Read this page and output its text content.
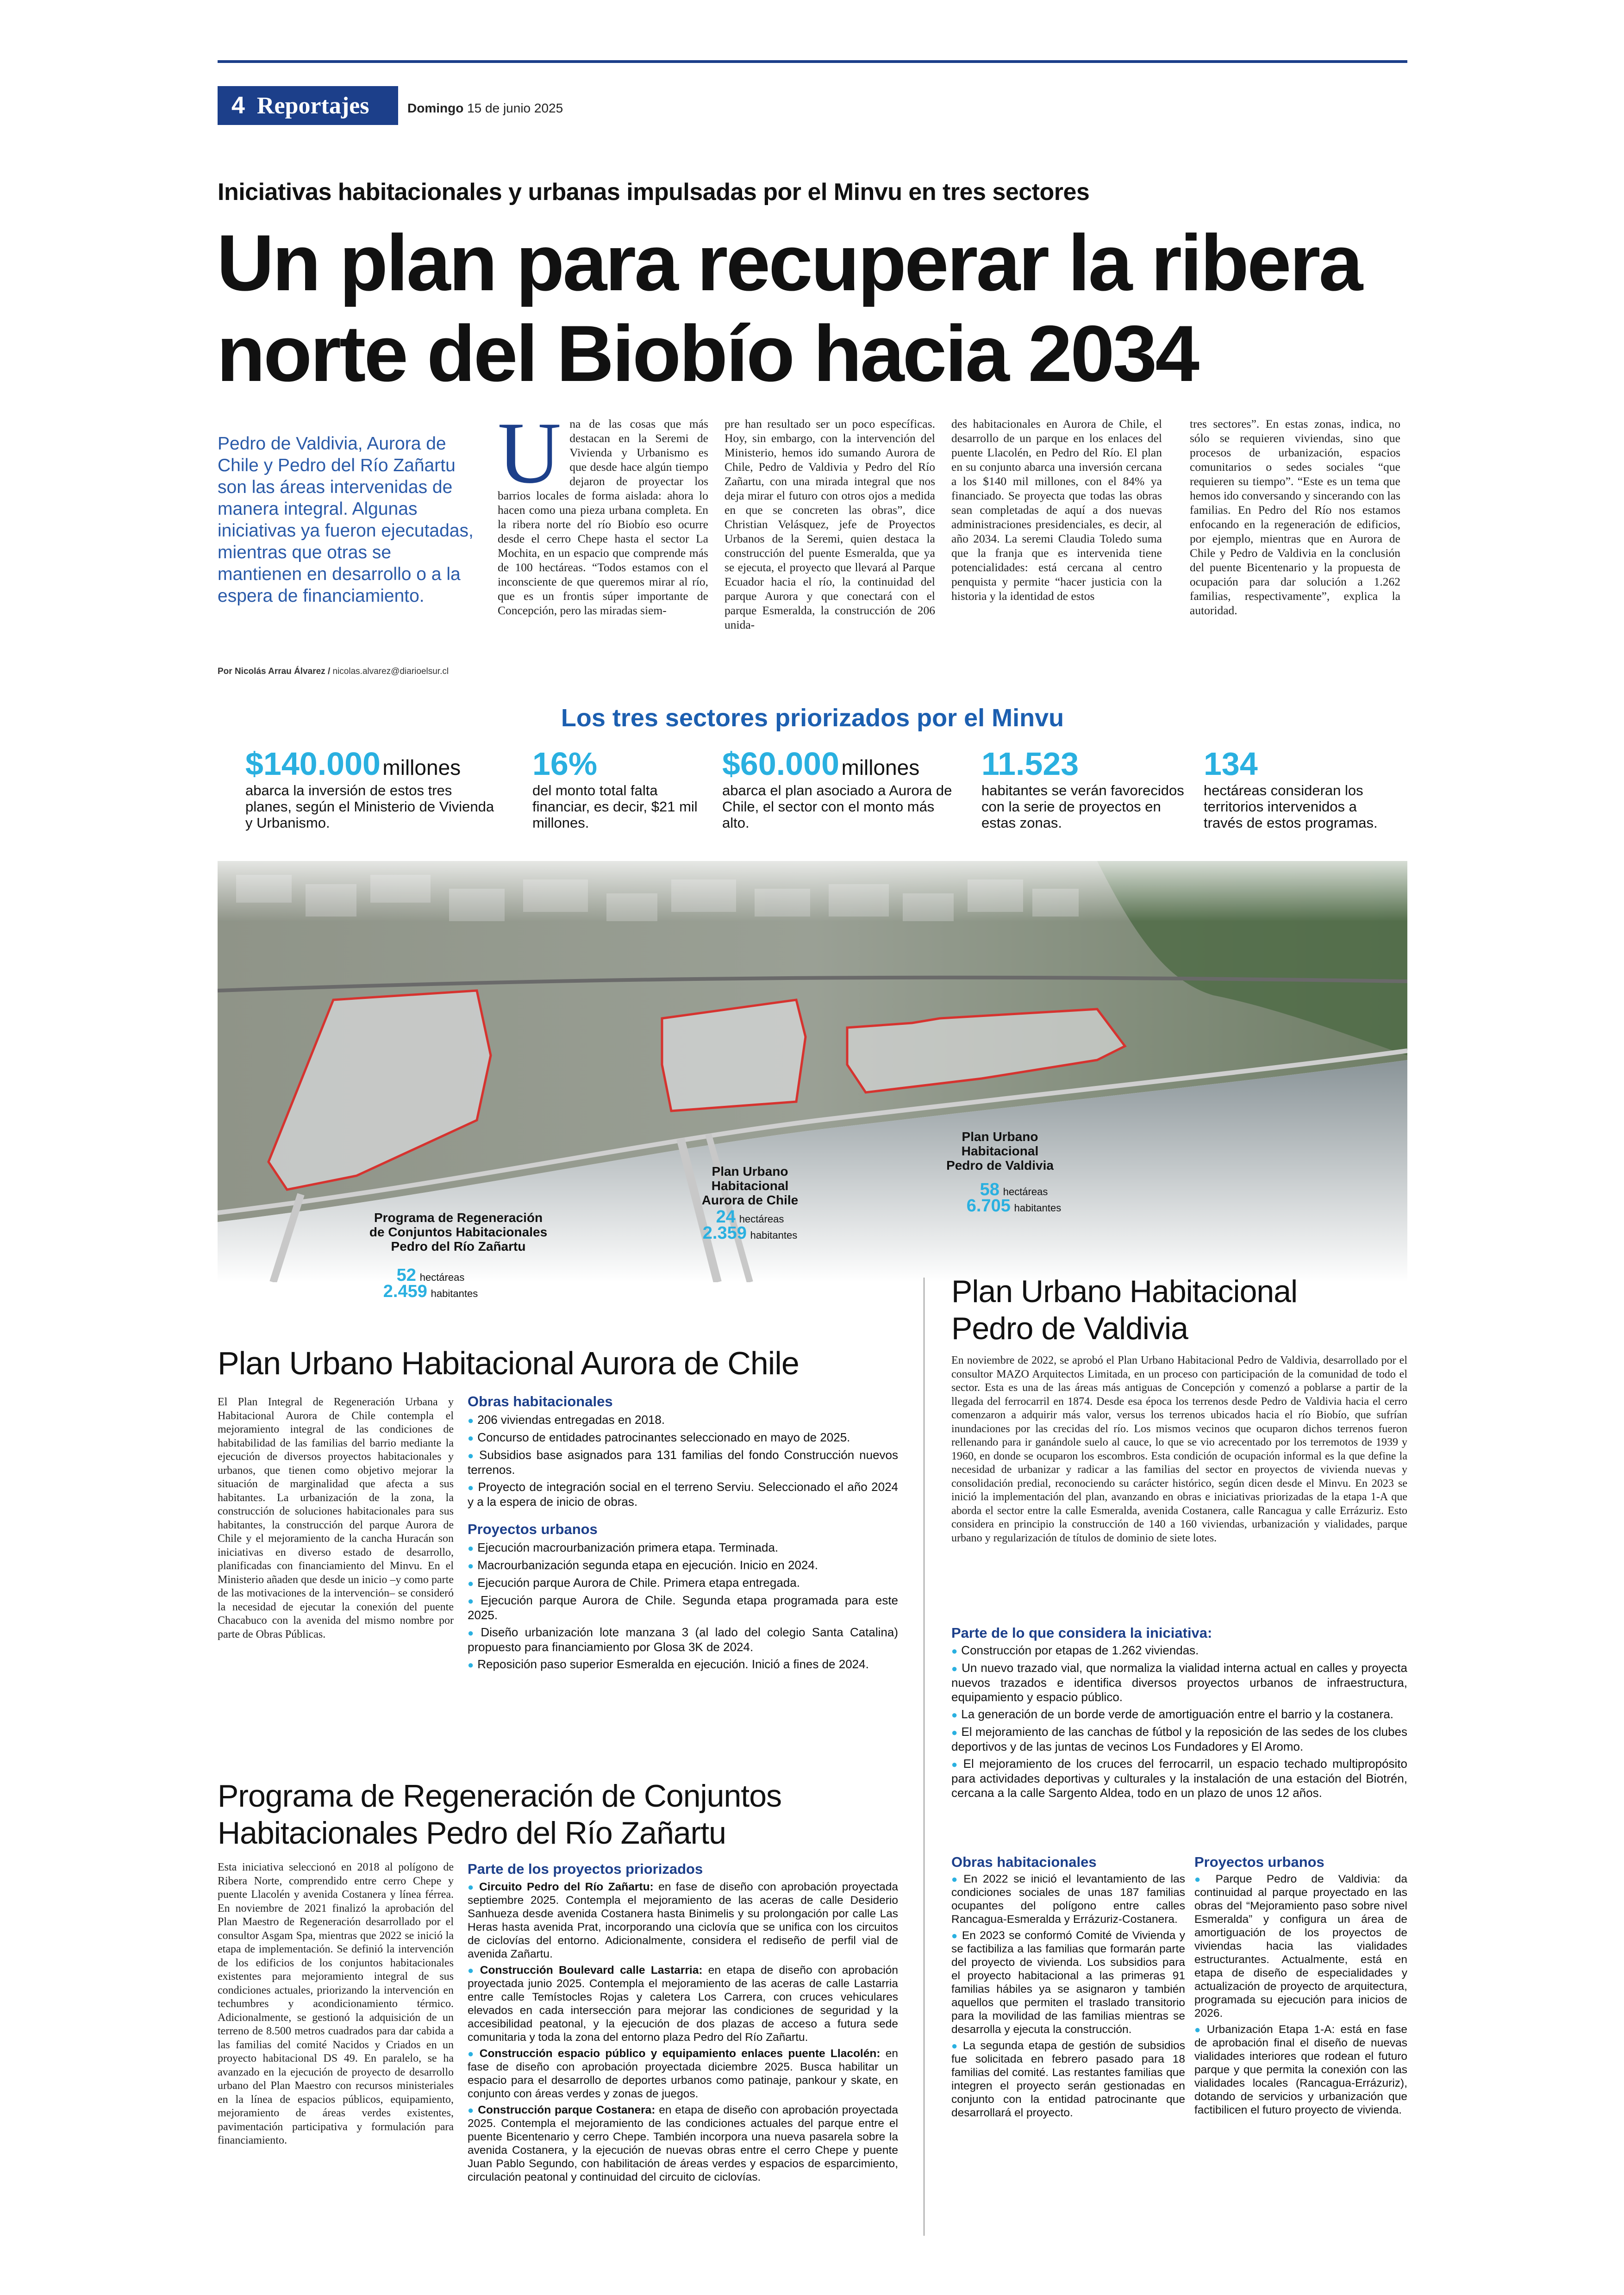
4 Reportajes	Domingo 15 de junio 2025
Iniciativas habitacionales y urbanas impulsadas por el Minvu en tres sectores
Un plan para recuperar la ribera
norte del Biobío hacia 2034
Pedro de Valdivia, Aurora de Chile y Pedro del Río Zañartu son las áreas intervenidas de manera integral. Algunas iniciativas ya fueron ejecutadas, mientras que otras se mantienen en desarrollo o a la espera de financiamiento.
Por Nicolás Arrau Álvarez / nicolas.alvarez@diarioelsur.cl
Una de las cosas que más destacan en la Seremi de Vivienda y Urbanismo es que desde hace algún tiempo dejaron de proyectar los barrios locales de forma aislada: ahora lo hacen como una pieza urbana completa. En la ribera norte del río Biobío eso ocurre desde el cerro Chepe hasta el sector La Mochita, en un espacio que comprende más de 100 hectáreas. “Todos estamos con el inconsciente de que queremos mirar al río, que es un frontis súper importante de Concepción, pero las miradas siem-
pre han resultado ser un poco específicas. Hoy, sin embargo, con la intervención del Ministerio, hemos ido sumando Aurora de Chile, Pedro de Valdivia y Pedro del Río Zañartu, con una mirada integral que nos deja mirar el futuro con otros ojos a medida en que se concreten las obras”, dice Christian Velásquez, jefe de Proyectos Urbanos de la Seremi, quien destaca la construcción del puente Esmeralda, que ya se ejecuta, el proyecto que llevará al Parque Ecuador hacia el río, la continuidad del parque Aurora y que conectará con el parque Esmeralda, la construcción de 206 unida-
des habitacionales en Aurora de Chile, el desarrollo de un parque en los enlaces del puente Llacolén, en Pedro del Río. El plan en su conjunto abarca una inversión cercana a los $140 mil millones, con el 84% ya financiado. Se proyecta que todas las obras sean completadas de aquí a dos nuevas administraciones presidenciales, es decir, al año 2034. La seremi Claudia Toledo suma que la franja que es intervenida tiene potencialidades: está cercana al centro penquista y permite “hacer justicia con la historia y la identidad de estos
tres sectores”. En estas zonas, indica, no sólo se requieren viviendas, sino que procesos de urbanización, espacios comunitarios o sedes sociales “que requieren su tiempo”. “Este es un tema que hemos ido conversando y sincerando con las familias. En Pedro del Río nos estamos enfocando en la regeneración de edificios, por ejemplo, mientras que en Aurora de Chile y Pedro de Valdivia en la conclusión del puente Bicentenario y la propuesta de ocupación para dar solución a 1.262 familias, respectivamente”, explica la autoridad.
Los tres sectores priorizados por el Minvu
$140.000 millones
abarca la inversión de estos tres planes, según el Ministerio de Vivienda y Urbanismo.
16%
del monto total falta financiar, es decir, $21 mil millones.
$60.000 millones
abarca el plan asociado a Aurora de Chile, el sector con el monto más alto.
11.523
habitantes se verán favorecidos con la serie de proyectos en estas zonas.
134
hectáreas consideran los territorios intervenidos a través de estos programas.
Programa de Regeneración
de Conjuntos Habitacionales
Pedro del Río Zañartu
52 hectáreas
2.459 habitantes
Plan Urbano
Habitacional
Aurora de Chile
24 hectáreas
2.359 habitantes
Plan Urbano
Habitacional
Pedro de Valdivia
58 hectáreas
6.705 habitantes
Plan Urbano Habitacional Aurora de Chile
El Plan Integral de Regeneración Urbana y Habitacional Aurora de Chile contempla el mejoramiento integral de las condiciones de habitabilidad de las familias del barrio mediante la ejecución de diversos proyectos habitacionales y urbanos, que tienen como objetivo mejorar la situación de marginalidad que afecta a sus habitantes. La urbanización de la zona, la construcción de soluciones habitacionales para sus habitantes, la construcción del parque Aurora de Chile y el mejoramiento de la cancha Huracán son iniciativas en diverso estado de desarrollo, planificadas con financiamiento del Minvu. En el Ministerio añaden que desde un inicio –y como parte de las motivaciones de la intervención– se consideró la necesidad de ejecutar la conexión del puente Chacabuco con la avenida del mismo nombre por parte de Obras Públicas.
Obras habitacionales
● 206 viviendas entregadas en 2018.
● Concurso de entidades patrocinantes seleccionado en mayo de 2025.
● Subsidios base asignados para 131 familias del fondo Construcción nuevos terrenos.
● Proyecto de integración social en el terreno Serviu. Seleccionado el año 2024 y a la espera de inicio de obras.
Proyectos urbanos
● Ejecución macrourbanización primera etapa. Terminada.
● Macrourbanización segunda etapa en ejecución. Inicio en 2024.
● Ejecución parque Aurora de Chile. Primera etapa entregada.
● Ejecución parque Aurora de Chile. Segunda etapa programada para este 2025.
● Diseño urbanización lote manzana 3 (al lado del colegio Santa Catalina) propuesto para financiamiento por Glosa 3K de 2024.
● Reposición paso superior Esmeralda en ejecución. Inició a fines de 2024.
Programa de Regeneración de Conjuntos
Habitacionales Pedro del Río Zañartu
Esta iniciativa seleccionó en 2018 al polígono de Ribera Norte, comprendido entre cerro Chepe y puente Llacolén y avenida Costanera y línea férrea. En noviembre de 2021 finalizó la aprobación del Plan Maestro de Regeneración desarrollado por el consultor Asgam Spa, mientras que 2022 se inició la etapa de implementación. Se definió la intervención de los edificios de los conjuntos habitacionales existentes para mejoramiento integral de sus condiciones actuales, priorizando la intervención en techumbres y acondicionamiento térmico. Adicionalmente, se gestionó la adquisición de un terreno de 8.500 metros cuadrados para dar cabida a las familias del comité Nacidos y Criados en un proyecto habitacional DS 49. En paralelo, se ha avanzado en la ejecución de proyecto de desarrollo urbano del Plan Maestro con recursos ministeriales en la línea de espacios públicos, equipamiento, mejoramiento de áreas verdes existentes, pavimentación participativa y formulación para financiamiento.
Parte de los proyectos priorizados
● Circuito Pedro del Río Zañartu: en fase de diseño con aprobación proyectada septiembre 2025. Contempla el mejoramiento de las aceras de calle Desiderio Sanhueza desde avenida Costanera hasta Binimelis y su prolongación por calle Las Heras hasta avenida Prat, incorporando una ciclovía que se unifica con los circuitos de ciclovías del entorno. Adicionalmente, considera el rediseño de perfil vial de avenida Zañartu.
● Construcción Boulevard calle Lastarria: en etapa de diseño con aprobación proyectada junio 2025. Contempla el mejoramiento de las aceras de calle Lastarria entre calle Temístocles Rojas y caletera Los Carrera, con cruces vehiculares elevados en cada intersección para mejorar las condiciones de seguridad y la accesibilidad peatonal, y la ejecución de dos plazas de acceso a futura sede comunitaria y toda la zona del entorno plaza Pedro del Río Zañartu.
● Construcción espacio público y equipamiento enlaces puente Llacolén: en fase de diseño con aprobación proyectada diciembre 2025. Busca habilitar un espacio para el desarrollo de deportes urbanos como patinaje, pankour y skate, en conjunto con áreas verdes y zonas de juegos.
● Construcción parque Costanera: en etapa de diseño con aprobación proyectada 2025. Contempla el mejoramiento de las condiciones actuales del parque entre el puente Bicentenario y cerro Chepe. También incorpora una nueva pasarela sobre la avenida Costanera, y la ejecución de nuevas obras entre el cerro Chepe y puente Juan Pablo Segundo, con habilitación de áreas verdes y espacios de esparcimiento, circulación peatonal y continuidad del circuito de ciclovías.
Plan Urbano Habitacional
Pedro de Valdivia
En noviembre de 2022, se aprobó el Plan Urbano Habitacional Pedro de Valdivia, desarrollado por el consultor MAZO Arquitectos Limitada, en un proceso con participación de la comunidad de todo el sector. Esta es una de las áreas más antiguas de Concepción y comenzó a poblarse a partir de la llegada del ferrocarril en 1874. Desde esa época los terrenos desde Pedro de Valdivia hacia el cerro comenzaron a adquirir más valor, versus los terrenos ubicados hacia el río Biobío, que sufrían inundaciones por las crecidas del río. Los mismos vecinos que ocuparon dichos terrenos fueron rellenando para ir ganándole suelo al cauce, lo que se vio acrecentado por los terremotos de 1939 y 1960, en donde se ocuparon los escombros. Esta condición de ocupación informal es la que define la necesidad de urbanizar y radicar a las familias del sector en proyectos de vivienda nuevas y consolidación predial, reconociendo su carácter histórico, según dicen desde el Minvu. En 2023 se inició la implementación del plan, avanzando en obras e iniciativas priorizadas de la etapa 1-A que aborda el sector entre la calle Esmeralda, avenida Costanera, calle Rancagua y calle Errázuriz. Esto considera en principio la construcción de 140 a 160 viviendas, urbanización y vialidades, parque urbano y regularización de títulos de dominio de siete lotes.
Parte de lo que considera la iniciativa:
● Construcción por etapas de 1.262 viviendas.
● Un nuevo trazado vial, que normaliza la vialidad interna actual en calles y proyecta nuevos trazados e identifica diversos proyectos urbanos de infraestructura, equipamiento y espacio público.
● La generación de un borde verde de amortiguación entre el barrio y la costanera.
● El mejoramiento de las canchas de fútbol y la reposición de las sedes de los clubes deportivos y de las juntas de vecinos Los Fundadores y El Aromo.
● El mejoramiento de los cruces del ferrocarril, un espacio techado multipropósito para actividades deportivas y culturales y la instalación de una estación del Biotrén, cercana a la calle Sargento Aldea, todo en un plazo de unos 12 años.
Obras habitacionales
● En 2022 se inició el levantamiento de las condiciones sociales de unas 187 familias ocupantes del polígono entre calles Rancagua-Esmeralda y Errázuriz-Costanera.
● En 2023 se conformó Comité de Vivienda y se factibiliza a las familias que formarán parte del proyecto de vivienda. Los subsidios para el proyecto habitacional a las primeras 91 familias hábiles ya se asignaron y también aquellos que permiten el traslado transitorio para la movilidad de las familias mientras se desarrolla y ejecuta la construcción.
● La segunda etapa de gestión de subsidios fue solicitada en febrero pasado para 18 familias del comité. Las restantes familias que integren el proyecto serán gestionadas en conjunto con la entidad patrocinante que desarrollará el proyecto.
Proyectos urbanos
● Parque Pedro de Valdivia: da continuidad al parque proyectado en las obras del “Mejoramiento paso sobre nivel Esmeralda” y configura un área de amortiguación de los proyectos de viviendas hacia las vialidades estructurantes. Actualmente, está en etapa de diseño de especialidades y actualización de proyecto de arquitectura, programada su ejecución para inicios de 2026.
● Urbanización Etapa 1-A: está en fase de aprobación final el diseño de nuevas vialidades interiores que rodean el futuro parque y que permita la conexión con las vialidades locales (Rancagua-Errázuriz), dotando de servicios y urbanización que factibilicen el futuro proyecto de vivienda.
